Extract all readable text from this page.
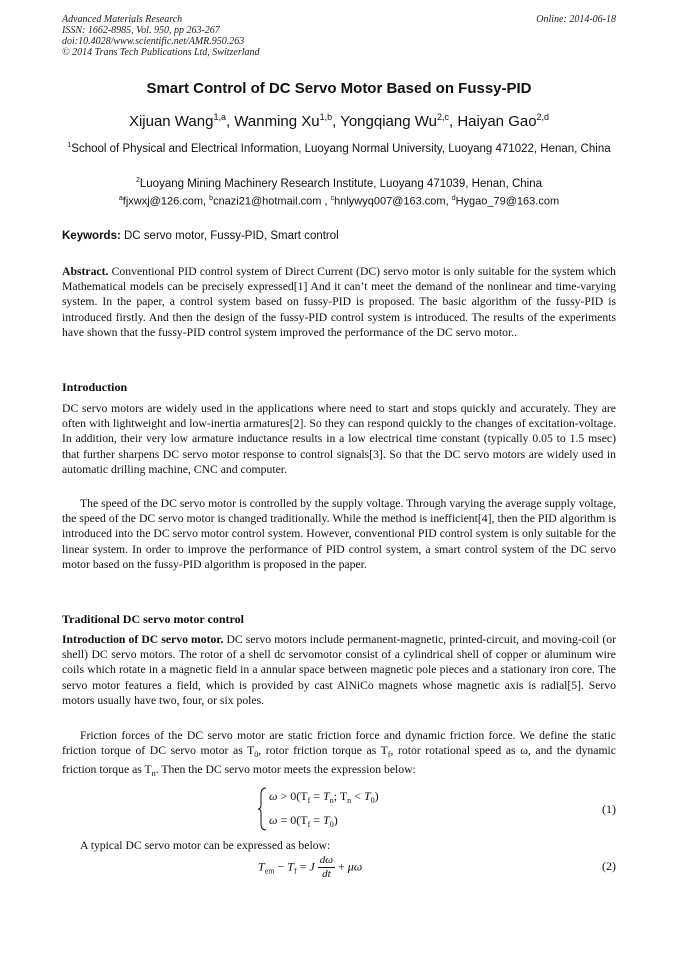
Advanced Materials Research
ISSN: 1662-8985, Vol. 950, pp 263-267
doi:10.4028/www.scientific.net/AMR.950.263
© 2014 Trans Tech Publications Ltd, Switzerland
Online: 2014-06-18
Smart Control of DC Servo Motor Based on Fussy-PID
Xijuan Wang$^{1,a}$, Wanming Xu$^{1,b}$, Yongqiang Wu$^{2,c}$, Haiyan Gao$^{2,d}$
$^1$School of Physical and Electrical Information, Luoyang Normal University, Luoyang 471022, Henan, China
$^2$Luoyang Mining Machinery Research Institute, Luoyang 471039, Henan, China
$^a$fjxwxj@126.com, $^b$cnazi21@hotmail.com , $^c$hnlywyq007@163.com, $^d$Hygao_79@163.com
Keywords: DC servo motor, Fussy-PID, Smart control
Abstract. Conventional PID control system of Direct Current (DC) servo motor is only suitable for the system which Mathematical models can be precisely expressed[1] And it can’t meet the demand of the nonlinear and time-varying system. In the paper, a control system based on fussy-PID is proposed. The basic algorithm of the fussy-PID is introduced firstly. And then the design of the fussy-PID control system is introduced. The results of the experiments have shown that the fussy-PID control system improved the performance of the DC servo motor..
Introduction
DC servo motors are widely used in the applications where need to start and stops quickly and accurately. They are often with lightweight and low-inertia armatures[2]. So they can respond quickly to the changes of excitation-voltage. In addition, their very low armature inductance results in a low electrical time constant (typically 0.05 to 1.5 msec) that further sharpens DC servo motor response to control signals[3]. So that the DC servo motors are widely used in automatic drilling machine, CNC and computer.
The speed of the DC servo motor is controlled by the supply voltage. Through varying the average supply voltage, the speed of the DC servo motor is changed traditionally. While the method is inefficient[4], then the PID algorithm is introduced into the DC servo motor control system. However, conventional PID control system is only suitable for the linear system. In order to improve the performance of PID control system, a smart control system of the DC servo motor based on the fussy-PID algorithm is proposed in the paper.
Traditional DC servo motor control
Introduction of DC servo motor. DC servo motors include permanent-magnetic, printed-circuit, and moving-coil (or shell) DC servo motors. The rotor of a shell dc servomotor consist of a cylindrical shell of copper or aluminum wire coils which rotate in a magnetic field in a annular space between magnetic pole pieces and a stationary iron core. The servo motor features a field, which is provided by cast AlNiCo magnets whose magnetic axis is radial[5]. Servo motors usually have two, four, or six poles.
Friction forces of the DC servo motor are static friction force and dynamic friction force. We define the static friction torque of DC servo motor as $T_0$, rotor friction torque as $T_f$, rotor rotational speed as ω, and the dynamic friction torque as $T_n$. Then the DC servo motor meets the expression below:
$\omega > 0(T_f = T_n$; $T_n < T_0$)
$\omega = 0(T_f = T_0)$
(1)
A typical DC servo motor can be expressed as below:
$T_{em} - T_f = J \frac{d\omega}{dt} + \mu\omega$	(2)
